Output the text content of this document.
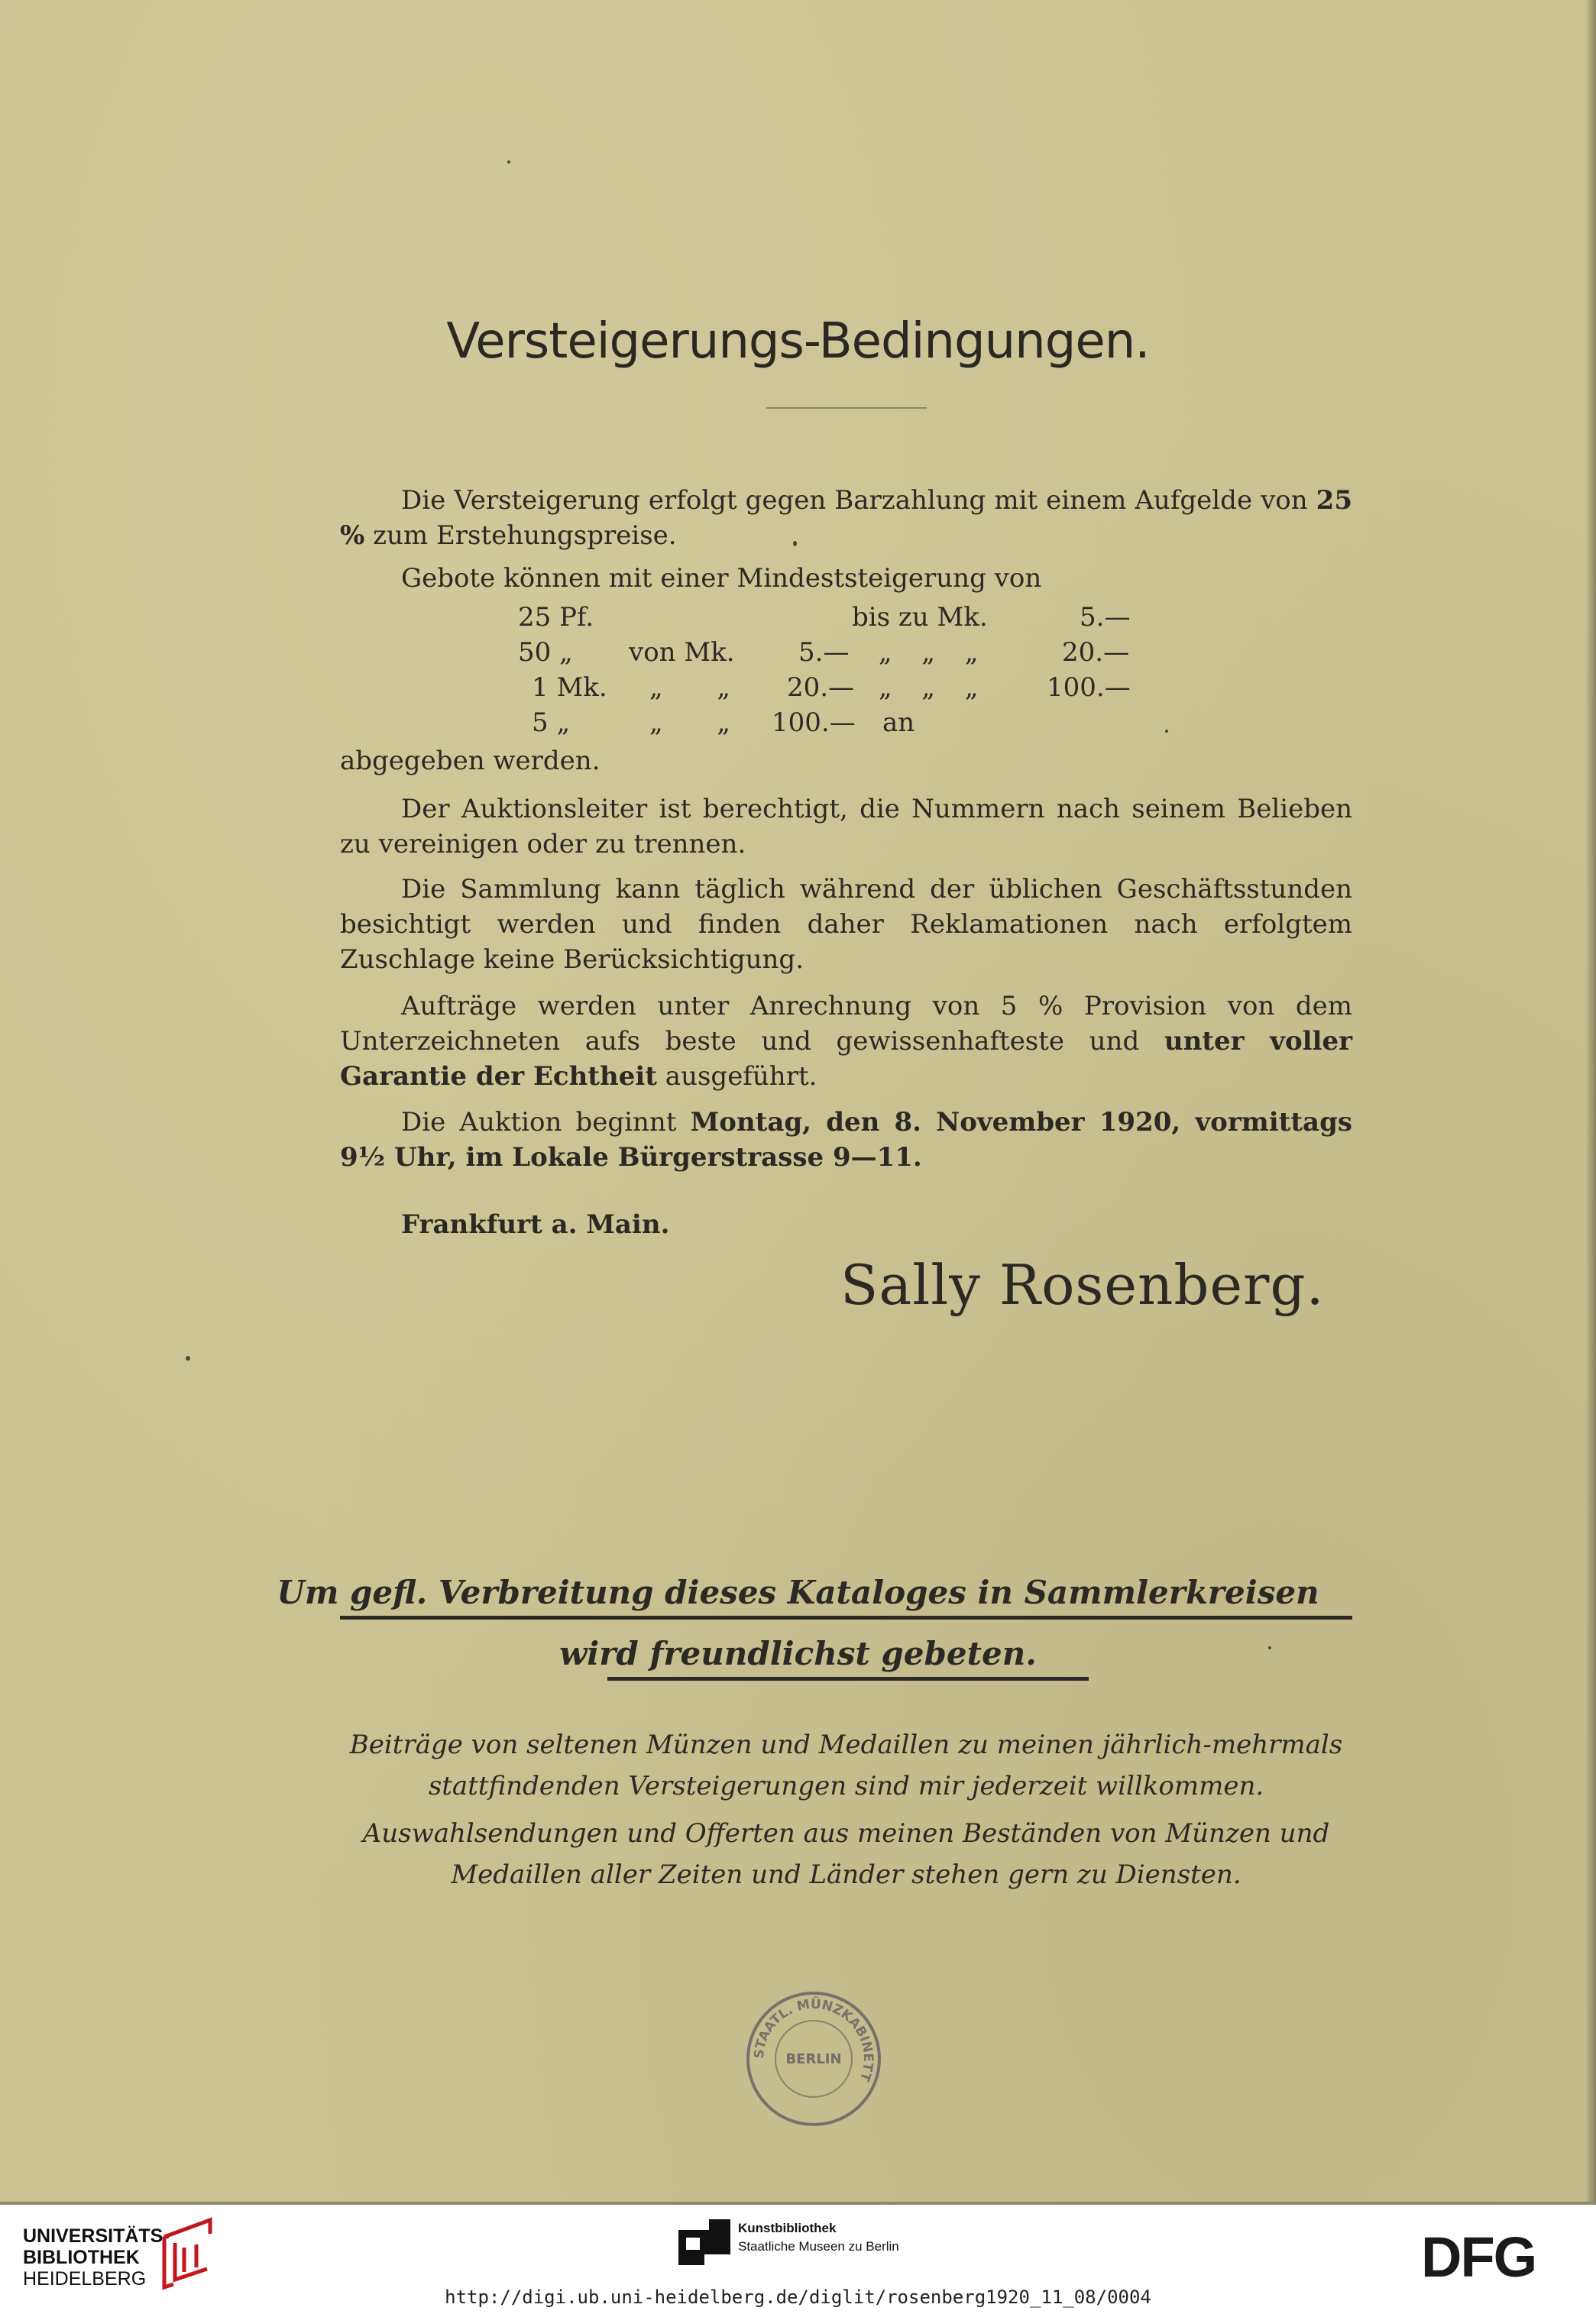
Versteigerungs-Bedingungen.

Die Versteigerung erfolgt gegen Barzahlung mit einem Aufgelde von 25 % zum Erstehungspreise.

Gebote können mit einer Mindeststeigerung von

25 Pf.	bis zu Mk.	5.—
50 „ von Mk. 5.— „ „ „	20.—
1 Mk. „ „ 20.— „ „ „ 100.—
5 „	„ „ 100.— an

abgegeben werden.

Der Auktionsleiter ist berechtigt, die Nummern nach seinem Belieben zu vereinigen oder zu trennen.

Die Sammlung kann täglich während der üblichen Geschäftsstunden besichtigt werden und finden daher Reklamationen nach erfolgtem Zuschlage keine Berücksichtigung.

Aufträge werden unter Anrechnung von 5 % Provision von dem Unterzeichneten aufs beste und gewissenhafteste und unter voller Garantie der Echtheit ausgeführt.

Die Auktion beginnt Montag, den 8. November 1920, vormittags 9½ Uhr, im Lokale Bürgerstrasse 9—11.

Frankfurt a. Main.

Sally Rosenberg.

Um gefl. Verbreitung dieses Kataloges in Sammlerkreisen

wird freundlichst gebeten.

Beiträge von seltenen Münzen und Medaillen zu meinen jährlich-mehrmals stattfindenden Versteigerungen sind mir jederzeit willkommen.

Auswahlsendungen und Offerten aus meinen Beständen von Münzen und Medaillen aller Zeiten und Länder stehen gern zu Diensten.

STAATL. MÜNZKABINETT
BERLIN
UNIVERSITÄTS-
BIBLIOTHEK
HEIDELBERG
Kunstbibliothek
Staatliche Museen zu Berlin	DFG
http://digi.ub.uni-heidelberg.de/diglit/rosenberg1920_11_08/0004
